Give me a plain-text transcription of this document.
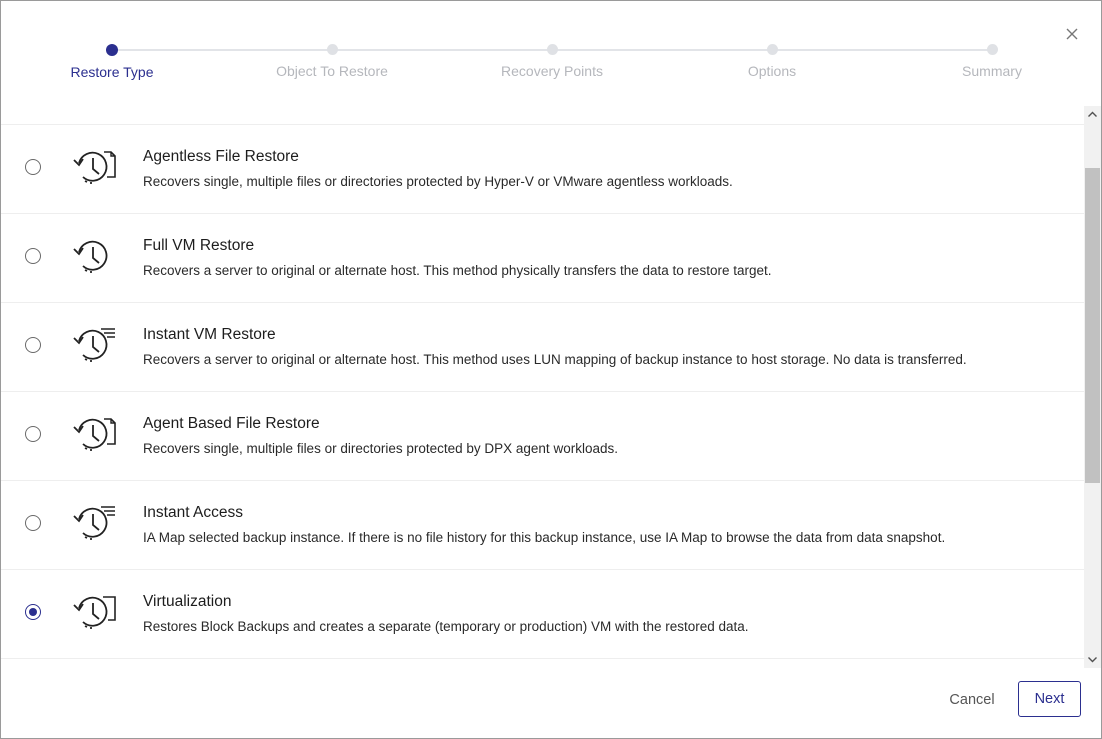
Restore Type	Object To Restore	Recovery Points	Options	Summary
Agentless File Restore
Recovers single, multiple files or directories protected by Hyper-V or VMware agentless workloads.
Full VM Restore
Recovers a server to original or alternate host. This method physically transfers the data to restore target.
Instant VM Restore
Recovers a server to original or alternate host. This method uses LUN mapping of backup instance to host storage. No data is transferred.
Agent Based File Restore
Recovers single, multiple files or directories protected by DPX agent workloads.
Instant Access
IA Map selected backup instance. If there is no file history for this backup instance, use IA Map to browse the data from data snapshot.
Virtualization
Restores Block Backups and creates a separate (temporary or production) VM with the restored data.
Cancel	Next
